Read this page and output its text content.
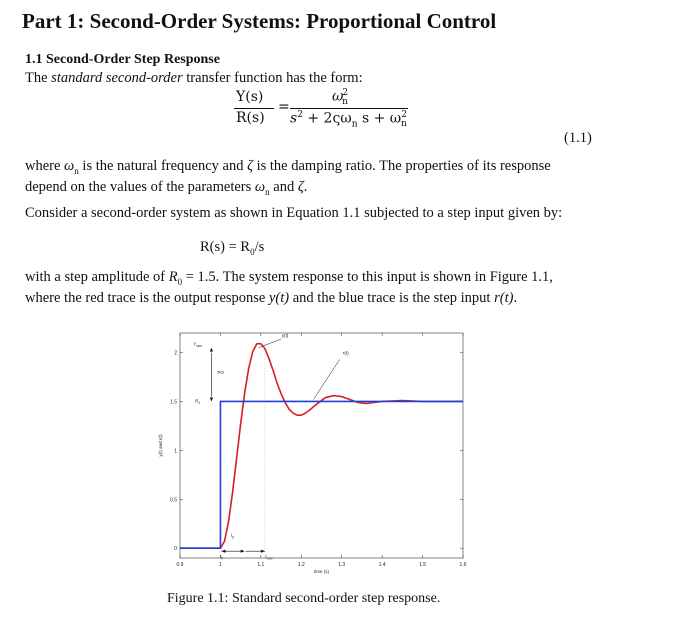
Part 1: Second-Order Systems: Proportional Control
1.1 Second-Order Step Response
The standard second-order transfer function has the form:
Y(s)
R(s)
=
$\omega^2_n$
$s^2 + 2\varsigma\omega_n$ $s + \omega^2_n$
(1.1)
where $\omega_n$ is the natural frequency and ζ is the damping ratio. The properties of its response
depend on the values of the parameters $\omega_n$ and ζ.
Consider a second-order system as shown in Equation 1.1 subjected to a step input given by:
$R(s) = R_0/s$
with a step amplitude of $R_0 = 1.5$. The system response to this input is shown in Figure 1.1,
where the red trace is the output response y(t) and the blue trace is the step input r(t).
0.9	1	1.1	1.2	1.3	1.4	1.5	1.6
0
0.5
1
1.5
2
time (s)
y(t) and r(t)
PO
$Y_{max}$
$R_0$
$t_0$
$t_p$
$t_{max}$
y(t)
r(t)
Figure 1.1: Standard second-order step response.
